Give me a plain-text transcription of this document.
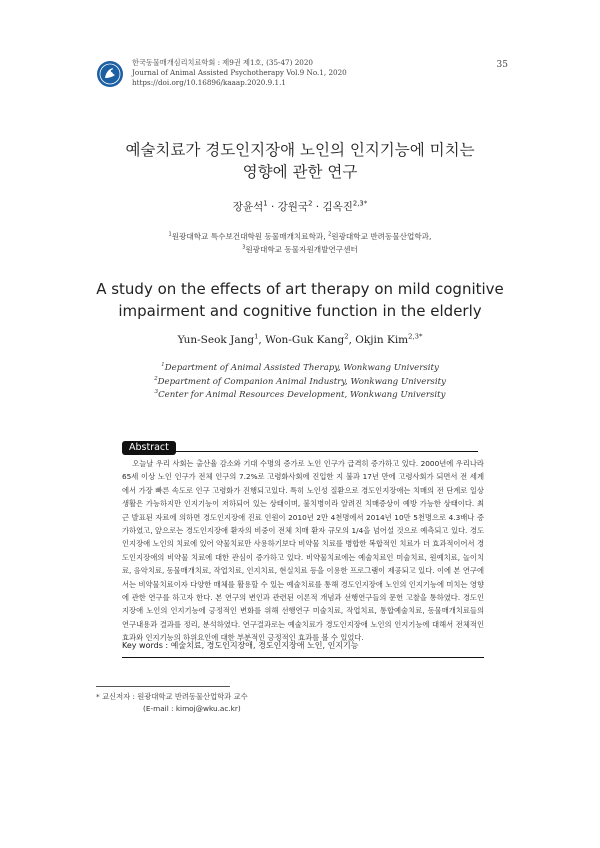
한국동물매개심리치료학회 : 제9권 제1호, (35-47) 2020
Journal of Animal Assisted Psychotherapy Vol.9 No.1, 2020
https://doi.org/10.16896/kaaap.2020.9.1.1
35
예술치료가 경도인지장애 노인의 인지기능에 미치는
영향에 관한 연구
장윤석$^1$ · 강원국$^2$ · 김옥진$^{2,3*}$
$^1$원광대학교 특수보건대학원 동물매개치료학과, $^2$원광대학교 반려동물산업학과,
$^3$원광대학교 동물자원개발연구센터
A study on the effects of art therapy on mild cognitive
impairment and cognitive function in the elderly
Yun-Seok Jang$^1$, Won-Guk Kang$^2$, Okjin Kim$^{2,3*}$
$^1$Department of Animal Assisted Therapy, Wonkwang University
$^2$Department of Companion Animal Industry, Wonkwang University
$^3$Center for Animal Resources Development, Wonkwang University
Abstract
오늘날 우리 사회는 출산율 감소와 기대 수명의 증가로 노인 인구가 급격히 증가하고 있다. 2000년에 우리나라 65세 이상 노인 인구가 전체 인구의 7.2%로 고령화사회에 진입한 지 불과 17년 만에 고령사회가 되면서 전 세계에서 가장 빠른 속도로 인구 고령화가 진행되고있다. 특히 노인성 질환으로 경도인지장애는 치매의 전 단계로 일상생활은 가능하지만 인지기능이 저하되어 있는 상태이며, 불치병이라 알려진 치매증상이 예방 가능한 상태이다. 최근 발표된 자료에 의하면 경도인지장애 진료 인원이 2010년 2만 4천명에서 2014년 10만 5천명으로 4.3배나 증가하였고, 앞으로는 경도인지장애 환자의 비중이 전체 치매 환자 규모의 1/4을 넘어설 것으로 예측되고 있다. 경도인지장애 노인의 치료에 있어 약물치료만 사용하기보다 비약물 치료를 병합한 복합적인 치료가 더 효과적이어서 경도인지장애의 비약물 치료에 대한 관심이 증가하고 있다. 비약물치료에는 예술치료인 미술치료, 원예치료, 놀이치료, 음악치료, 동물매개치료, 작업치료, 인지치료, 현실치료 등을 이용한 프로그램이 제공되고 있다. 이에 본 연구에서는 비약물치료이자 다양한 매체를 활용할 수 있는 예술치료를 통해 경도인지장애 노인의 인지기능에 미치는 영향에 관한 연구를 하고자 한다. 본 연구의 변인과 관련된 이론적 개념과 선행연구들의 문헌 고찰을 통하였다. 경도인지장애 노인의 인지기능에 긍정적인 변화를 위해 선행연구 미술치료, 작업치료, 통합예술치료, 동물매개치료들의 연구내용과 결과를 정리, 분석하였다. 연구결과로는 예술치료가 경도인지장애 노인의 인지기능에 대해서 전체적인 효과와 인지기능의 하위요인에 대한 부분적인 긍정적인 효과를 볼 수 있었다.
Key words : 예술치료, 경도인지장애, 경도인지장애 노인, 인지기능
* 교신저자 : 원광대학교 반려동물산업학과 교수
(E-mail : kimoj@wku.ac.kr)
